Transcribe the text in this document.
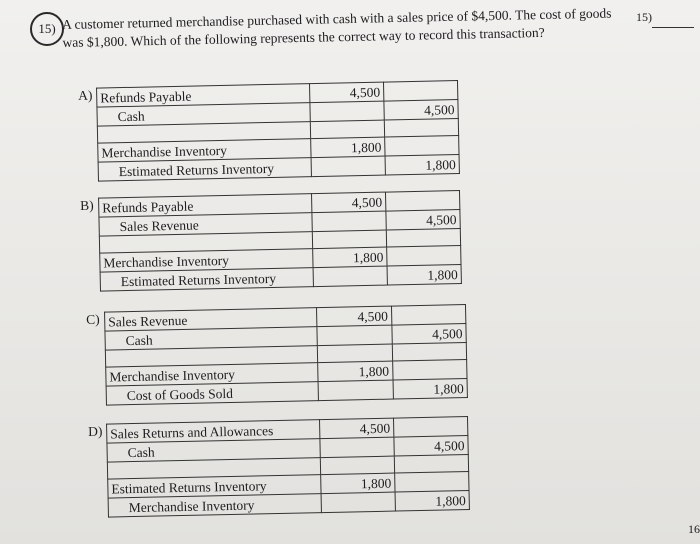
15) A customer returned merchandise purchased with cash with a sales price of $4,500. The cost of goods was $1,800. Which of the following represents the correct way to record this transaction?
15)
A) Refunds Payable	4,500	
Cash		4,500

Merchandise Inventory	1,800	
Estimated Returns Inventory		1,800
B) Refunds Payable	4,500	
Sales Revenue		4,500

Merchandise Inventory	1,800	
Estimated Returns Inventory		1,800
C) Sales Revenue	4,500	
Cash		4,500

Merchandise Inventory	1,800	
Cost of Goods Sold		1,800
D) Sales Returns and Allowances	4,500	
Cash		4,500

Estimated Returns Inventory	1,800	
Merchandise Inventory		1,800
16
